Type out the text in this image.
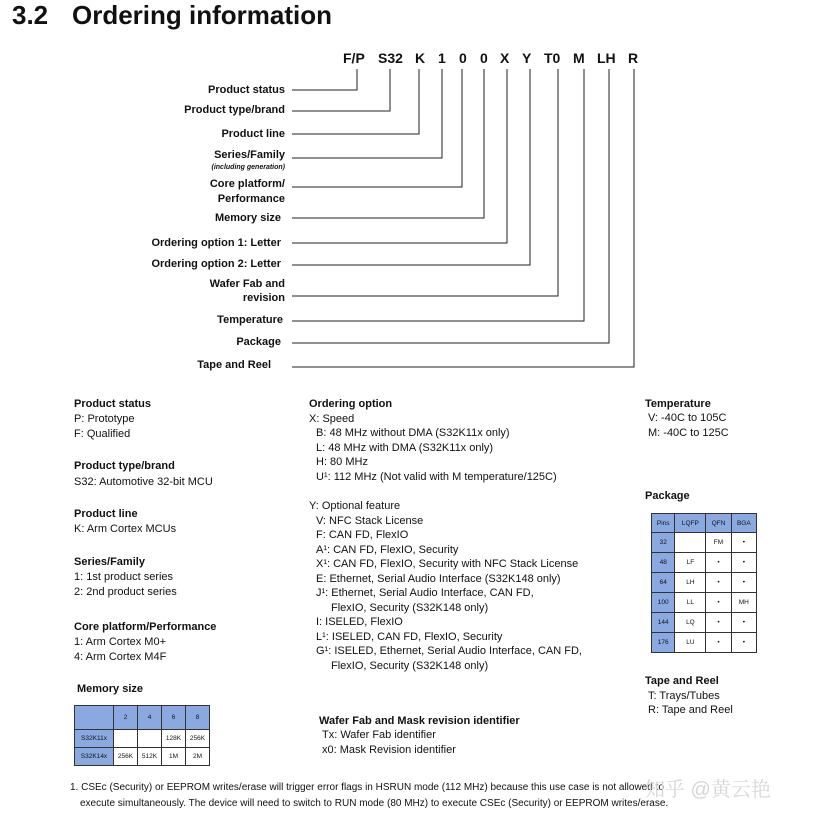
3.2 Ordering information
F/P S32 K 1 0 0 X Y T0 M LH R
Product status
Product type/brand
Product line
Series/Family
(including generation)
Core platform/
Performance
Memory size
Ordering option 1: Letter
Ordering option 2: Letter
Wafer Fab and
revision
Temperature
Package
Tape and Reel
Product status
P: Prototype
F: Qualified
Product type/brand
S32: Automotive 32-bit MCU
Product line
K: Arm Cortex MCUs
Series/Family
1: 1st product series
2: 2nd product series
Core platform/Performance
1: Arm Cortex M0+
4: Arm Cortex M4F
Memory size
	2	4	6	8
S32K11x			128K	256K
S32K14x	256K	512K	1M	2M
Ordering option
X: Speed
B: 48 MHz without DMA (S32K11x only)
L: 48 MHz with DMA (S32K11x only)
H: 80 MHz
U¹: 112 MHz (Not valid with M temperature/125C)
Y: Optional feature
V: NFC Stack License
F: CAN FD, FlexIO
A¹: CAN FD, FlexIO, Security
X¹: CAN FD, FlexIO, Security with NFC Stack License
E: Ethernet, Serial Audio Interface (S32K148 only)
J¹: Ethernet, Serial Audio Interface, CAN FD,
FlexIO, Security (S32K148 only)
I: ISELED, FlexIO
L¹: ISELED, CAN FD, FlexIO, Security
G¹: ISELED, Ethernet, Serial Audio Interface, CAN FD,
FlexIO, Security (S32K148 only)
Wafer Fab and Mask revision identifier
Tx: Wafer Fab identifier
x0: Mask Revision identifier
Temperature
V: -40C to 105C
M: -40C to 125C
Package
Pins	LQFP	QFN	BGA
32		FM	•
48	LF	•	•
64	LH	•	•
100	LL	•	MH
144	LQ	•	•
176	LU	•	•
Tape and Reel
T: Trays/Tubes
R: Tape and Reel
1. CSEc (Security) or EEPROM writes/erase will trigger error flags in HSRUN mode (112 MHz) because this use case is not allowed to
execute simultaneously. The device will need to switch to RUN mode (80 MHz) to execute CSEc (Security) or EEPROM writes/erase.
知乎 @黄云艳
